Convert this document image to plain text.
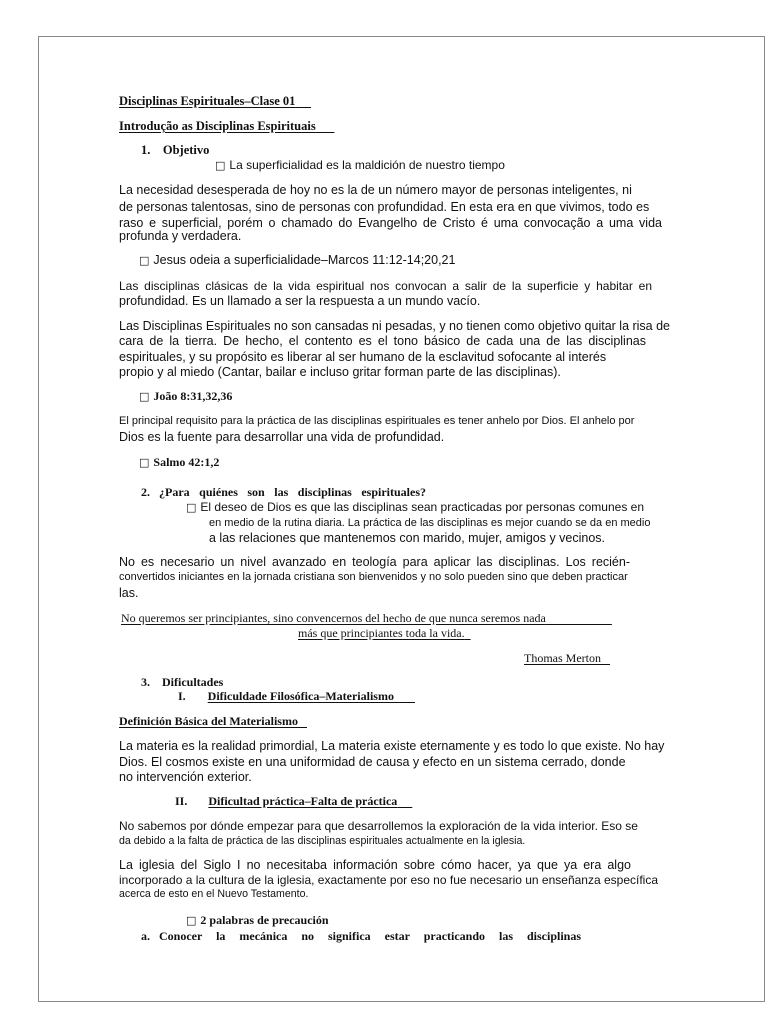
Disciplinas Espirituales–Clase 01
Introdução as Disciplinas Espirituais
1. Objetivo
□ La superficialidad es la maldición de nuestro tiempo
La necesidad desesperada de hoy no es la de un número mayor de personas inteligentes, ni
de personas talentosas, sino de personas con profundidad. En esta era en que vivimos, todo es
raso e superficial, porém o chamado do Evangelho de Cristo é uma convocação a uma vida
profunda y verdadera.
□ Jesus odeia a superficialidade–Marcos 11:12-14;20,21
Las disciplinas clásicas de la vida espiritual nos convocan a salir de la superficie y habitar en
profundidad. Es un llamado a ser la respuesta a un mundo vacío.
Las Disciplinas Espirituales no son cansadas ni pesadas, y no tienen como objetivo quitar la risa de
cara de la tierra. De hecho, el contento es el tono básico de cada una de las disciplinas
espirituales, y su propósito es liberar al ser humano de la esclavitud sofocante al interés
propio y al miedo (Cantar, bailar e incluso gritar forman parte de las disciplinas).
□ João 8:31,32,36
El principal requisito para la práctica de las disciplinas espirituales es tener anhelo por Dios. El anhelo por
Dios es la fuente para desarrollar una vida de profundidad.
□ Salmo 42:1,2
2. ¿Para quiénes son las disciplinas espirituales?
□ El deseo de Dios es que las disciplinas sean practicadas por personas comunes en
en medio de la rutina diaria. La práctica de las disciplinas es mejor cuando se da en medio
a las relaciones que mantenemos con marido, mujer, amigos y vecinos.
No es necesario un nivel avanzado en teología para aplicar las disciplinas. Los recién-
convertidos iniciantes en la jornada cristiana son bienvenidos y no solo pueden sino que deben practicar
las.
No queremos ser principiantes, sino convencernos del hecho de que nunca seremos nada
más que principiantes toda la vida.
Thomas Merton
3. Dificultades
I. Dificuldade Filosófica–Materialismo
Definición Básica del Materialismo
La materia es la realidad primordial, La materia existe eternamente y es todo lo que existe. No hay
Dios. El cosmos existe en una uniformidad de causa y efecto en un sistema cerrado, donde
no intervención exterior.
II. Dificultad práctica–Falta de práctica
No sabemos por dónde empezar para que desarrollemos la exploración de la vida interior. Eso se
da debido a la falta de práctica de las disciplinas espirituales actualmente en la iglesia.
La iglesia del Siglo I no necesitaba información sobre cómo hacer, ya que ya era algo
incorporado a la cultura de la iglesia, exactamente por eso no fue necesario un enseñanza específica
acerca de esto en el Nuevo Testamento.
□ 2 palabras de precaución
a. Conocer la mecánica no significa estar practicando las disciplinas
